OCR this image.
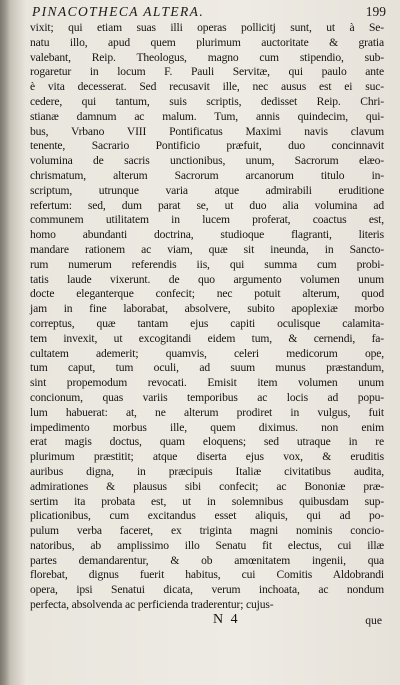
PINACOTHECA ALTERA.	199
vixit; qui etiam suas illi operas pollicitj sunt, ut à Se-
natu illo, apud quem plurimum auctoritate & gratia
valebant, Reip. Theologus, magno cum stipendio, sub-
rogaretur in locum F. Pauli Servitæ, qui paulo ante
è vita decesserat. Sed recusavit ille, nec ausus est ei suc-
cedere, qui tantum, suis scriptis, dedisset Reip. Chri-
stianæ damnum ac malum. Tum, annis quindecim, qui-
bus, Vrbano VIII Pontificatus Maximi navis clavum
tenente, Sacrario Pontificio præfuit, duo concinnavit
volumina de sacris unctionibus, unum, Sacrorum elæo-
chrismatum, alterum Sacrorum arcanorum titulo in-
scriptum, utrunque varia atque admirabili eruditione
refertum: sed, dum parat se, ut duo alia volumina ad
communem utilitatem in lucem proferat, coactus est,
homo abundanti doctrina, studioque flagranti, literis
mandare rationem ac viam, quæ sit ineunda, in Sancto-
rum numerum referendis iis, qui summa cum probi-
tatis laude vixerunt. de quo argumento volumen unum
docte eleganterque confecit; nec potuit alterum, quod
jam in fine laborabat, absolvere, subito apoplexiæ morbo
correptus, quæ tantam ejus capiti oculisque calamita-
tem invexit, ut excogitandi eidem tum, & cernendi, fa-
cultatem ademerit; quamvis, celeri medicorum ope,
tum caput, tum oculi, ad suum munus præstandum,
sint propemodum revocati. Emisit item volumen unum
concionum, quas variis temporibus ac locis ad popu-
lum habuerat: at, ne alterum prodiret in vulgus, fuit
impedimento morbus ille, quem diximus. non enim
erat magis doctus, quam eloquens; sed utraque in re
plurimum præstitit; atque diserta ejus vox, & eruditis
auribus digna, in præcipuis Italiæ civitatibus audita,
admirationes & plausus sibi confecit; ac Bononiæ præ-
sertim ita probata est, ut in solemnibus quibusdam sup-
plicationibus, cum excitandus esset aliquis, qui ad po-
pulum verba faceret, ex triginta magni nominis concio-
natoribus, ab amplissimo illo Senatu fit electus, cui illæ
partes demandarentur, & ob amœnitatem ingenii, qua
florebat, dignus fuerit habitus, cui Comitis Aldobrandi
opera, ipsi Senatui dicata, verum inchoata, ac nondum
perfecta, absolvenda ac perficienda traderentur; cujus-
N 4	que
